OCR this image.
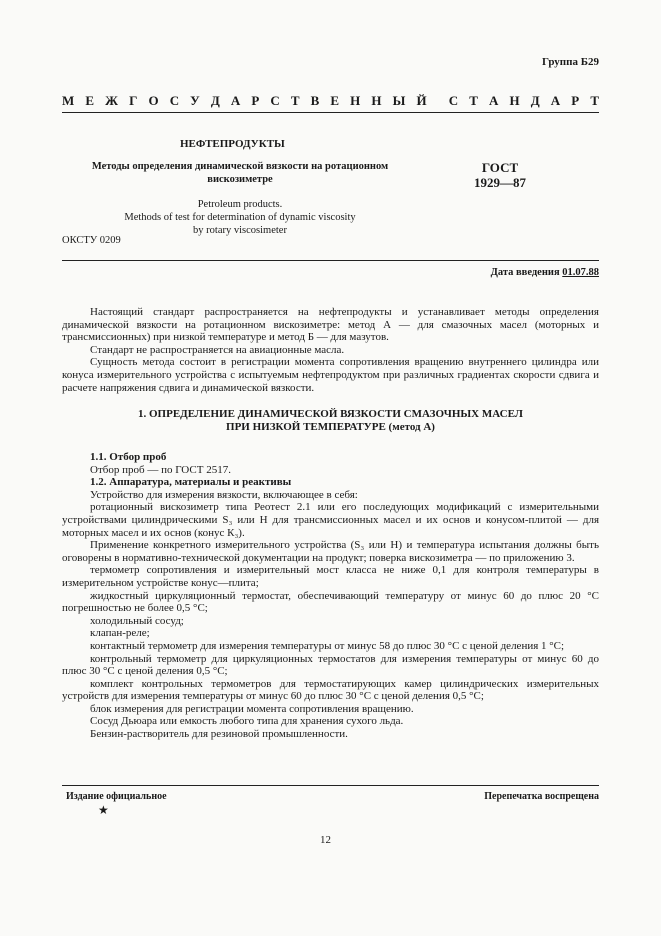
Группа Б29
М Е Ж Г О С У Д А Р С Т В Е Н Н Ы Й С Т А Н Д А Р Т
НЕФТЕПРОДУКТЫ
Методы определения динамической вязкости на ротационном
вискозиметре
ГОСТ
1929—87
Petroleum products.
Methods of test for determination of dynamic viscosity
by rotary viscosimeter
ОКСТУ 0209
Дата введения 01.07.88

Настоящий стандарт распространяется на нефтепродукты и устанавливает методы определения динамической вязкости на ротационном вискозиметре: метод А — для смазочных масел (моторных и трансмиссионных) при низкой температуре и метод Б — для мазутов.

Стандарт не распространяется на авиационные масла.

Сущность метода состоит в регистрации момента сопротивления вращению внутреннего цилиндра или конуса измерительного устройства с испытуемым нефтепродуктом при различных градиентах скорости сдвига и расчете напряжения сдвига и динамической вязкости.

1. ОПРЕДЕЛЕНИЕ ДИНАМИЧЕСКОЙ ВЯЗКОСТИ СМАЗОЧНЫХ МАСЕЛ
ПРИ НИЗКОЙ ТЕМПЕРАТУРЕ (метод А)

1.1. Отбор проб

Отбор проб — по ГОСТ 2517.

1.2. Аппаратура, материалы и реактивы

Устройство для измерения вязкости, включающее в себя:

ротационный вискозиметр типа Реотест 2.1 или его последующих модификаций с измерительными устройствами цилиндрическими S₃ или Н для трансмиссионных масел и их основ и конусом-плитой — для моторных масел и их основ (конус К₃).

Применение конкретного измерительного устройства (S₃ или Н) и температура испытания должны быть оговорены в нормативно-технической документации на продукт; поверка вискозиметра — по приложению 3.

термометр сопротивления и измерительный мост класса не ниже 0,1 для контроля температуры в измерительном устройстве конус—плита;

жидкостный циркуляционный термостат, обеспечивающий температуру от минус 60 до плюс 20 °С погрешностью не более 0,5 °С;

холодильный сосуд;

клапан-реле;

контактный термометр для измерения температуры от минус 58 до плюс 30 °С с ценой деления 1 °С;

контрольный термометр для циркуляционных термостатов для измерения температуры от минус 60 до плюс 30 °С с ценой деления 0,5 °С;

комплект контрольных термометров для термостатирующих камер цилиндрических измерительных устройств для измерения температуры от минус 60 до плюс 30 °С с ценой деления 0,5 °С;

блок измерения для регистрации момента сопротивления вращению.

Сосуд Дьюара или емкость любого типа для хранения сухого льда.

Бензин-растворитель для резиновой промышленности.

Издание официальное	Перепечатка воспрещена
★
12
